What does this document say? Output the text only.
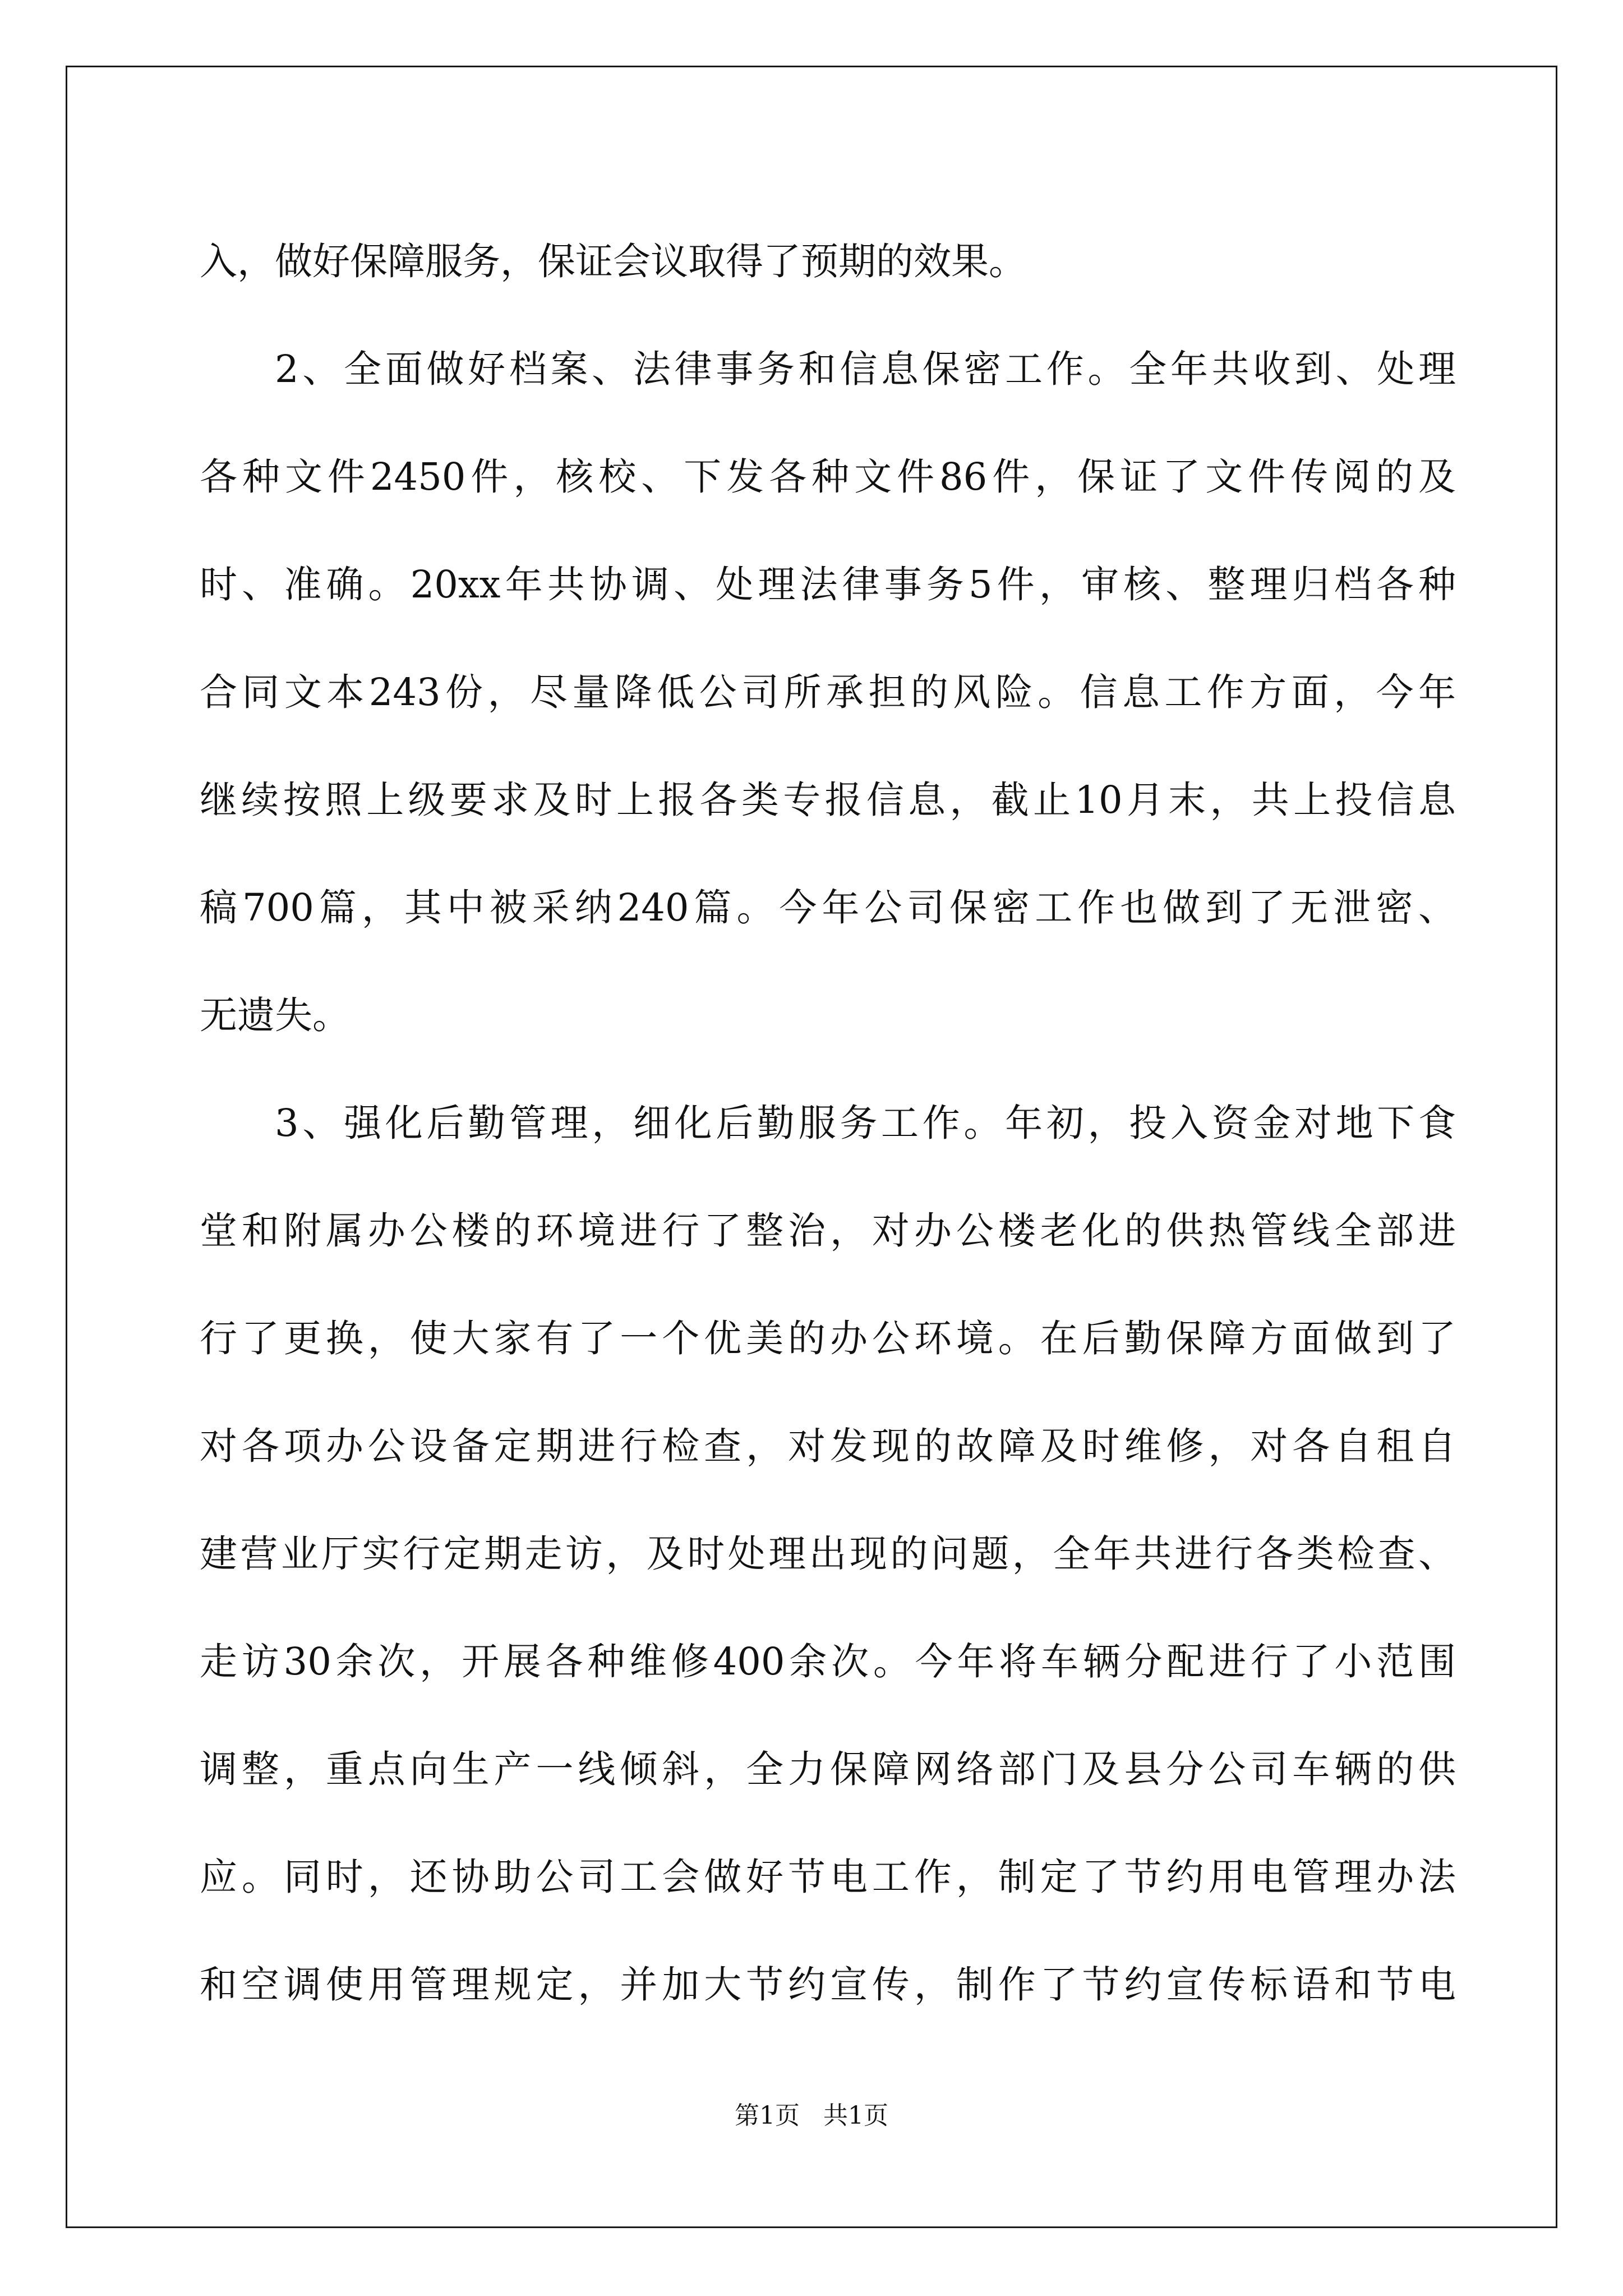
入，做好保障服务，保证会议取得了预期的效果。
2、全面做好档案、法律事务和信息保密工作。全年共收到、处理
各种文件2450件，核校、下发各种文件86件，保证了文件传阅的及
时、准确。20xx年共协调、处理法律事务5件，审核、整理归档各种
合同文本243份，尽量降低公司所承担的风险。信息工作方面，今年
继续按照上级要求及时上报各类专报信息，截止10月末，共上投信息
稿700篇，其中被采纳240篇。今年公司保密工作也做到了无泄密、
无遗失。
3、强化后勤管理，细化后勤服务工作。年初，投入资金对地下食
堂和附属办公楼的环境进行了整治，对办公楼老化的供热管线全部进
行了更换，使大家有了一个优美的办公环境。在后勤保障方面做到了
对各项办公设备定期进行检查，对发现的故障及时维修，对各自租自
建营业厅实行定期走访，及时处理出现的问题，全年共进行各类检查、
走访30余次，开展各种维修400余次。今年将车辆分配进行了小范围
调整，重点向生产一线倾斜，全力保障网络部门及县分公司车辆的供
应。同时，还协助公司工会做好节电工作，制定了节约用电管理办法
和空调使用管理规定，并加大节约宣传，制作了节约宣传标语和节电
第1页 共1页
